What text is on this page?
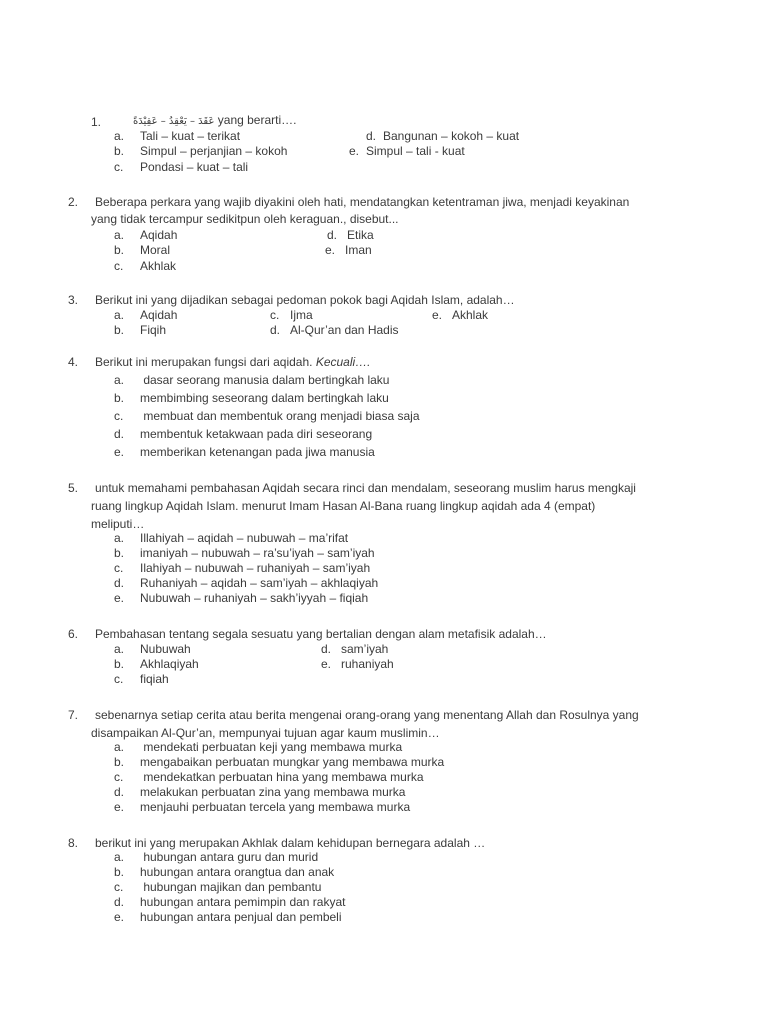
1.	عَقَدَ – يَعْقِدُ – عَقِيْدَةً yang berarti….
a. Tali – kuat – terikat
b. Simpul – perjanjian – kokoh
c. Pondasi – kuat – tali
d. Bangunan – kokoh – kuat
e. Simpul – tali - kuat
2. Beberapa perkara yang wajib diyakini oleh hati, mendatangkan ketentraman jiwa, menjadi keyakinan
yang tidak tercampur sedikitpun oleh keraguan., disebut...
a. Aqidah
b. Moral
c. Akhlak
d. Etika
e. Iman
3. Berikut ini yang dijadikan sebagai pedoman pokok bagi Aqidah Islam, adalah…
a. Aqidah
b. Fiqih
c. Ijma
d. Al-Qur’an dan Hadis
e. Akhlak
4. Berikut ini merupakan fungsi dari aqidah. Kecuali….
a. dasar seorang manusia dalam bertingkah laku
b. membimbing seseorang dalam bertingkah laku
c. membuat dan membentuk orang menjadi biasa saja
d. membentuk ketakwaan pada diri seseorang
e. memberikan ketenangan pada jiwa manusia
5. untuk memahami pembahasan Aqidah secara rinci dan mendalam, seseorang muslim harus mengkaji
ruang lingkup Aqidah Islam. menurut Imam Hasan Al-Bana ruang lingkup aqidah ada 4 (empat)
meliputi…
a. Illahiyah – aqidah – nubuwah – ma’rifat
b. imaniyah – nubuwah – ra’su’iyah – sam’iyah
c. Ilahiyah – nubuwah – ruhaniyah – sam’iyah
d. Ruhaniyah – aqidah – sam’iyah – akhlaqiyah
e. Nubuwah – ruhaniyah – sakh’iyyah – fiqiah
6. Pembahasan tentang segala sesuatu yang bertalian dengan alam metafisik adalah…
a. Nubuwah
b. Akhlaqiyah
c. fiqiah
d. sam’iyah
e. ruhaniyah
7. sebenarnya setiap cerita atau berita mengenai orang-orang yang menentang Allah dan Rosulnya yang
disampaikan Al-Qur’an, mempunyai tujuan agar kaum muslimin…
a. mendekati perbuatan keji yang membawa murka
b. mengabaikan perbuatan mungkar yang membawa murka
c. mendekatkan perbuatan hina yang membawa murka
d. melakukan perbuatan zina yang membawa murka
e. menjauhi perbuatan tercela yang membawa murka
8. berikut ini yang merupakan Akhlak dalam kehidupan bernegara adalah …
a. hubungan antara guru dan murid
b. hubungan antara orangtua dan anak
c. hubungan majikan dan pembantu
d. hubungan antara pemimpin dan rakyat
e. hubungan antara penjual dan pembeli
